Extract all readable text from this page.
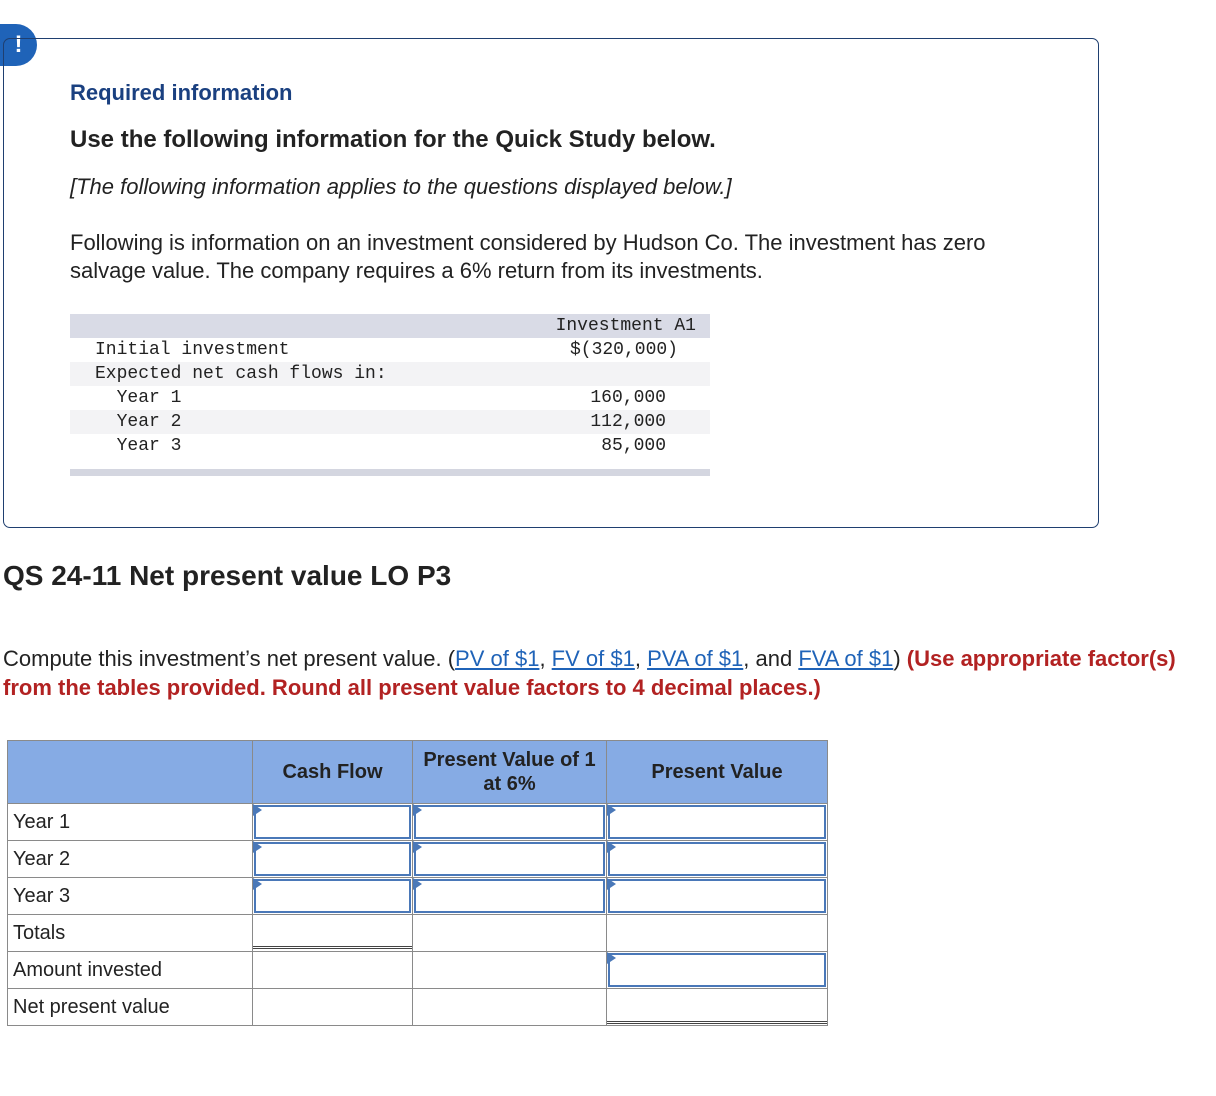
!
Required information
Use the following information for the Quick Study below.
[The following information applies to the questions displayed below.]
Following is information on an investment considered by Hudson Co. The investment has zero salvage value. The company requires a 6% return from its investments.
Investment A1
Initial investment	$(320,000)
Expected net cash flows in:
Year 1	160,000
Year 2	112,000
Year 3	85,000
QS 24-11 Net present value LO P3
Compute this investment’s net present value. (PV of $1, FV of $1, PVA of $1, and FVA of $1) (Use appropriate factor(s) from the tables provided. Round all present value factors to 4 decimal places.)
	Cash Flow	Present Value of 1 at 6%	Present Value
Year 1	

Year 2	

Year 3	

Totals	

Amount invested			

Net present value			
